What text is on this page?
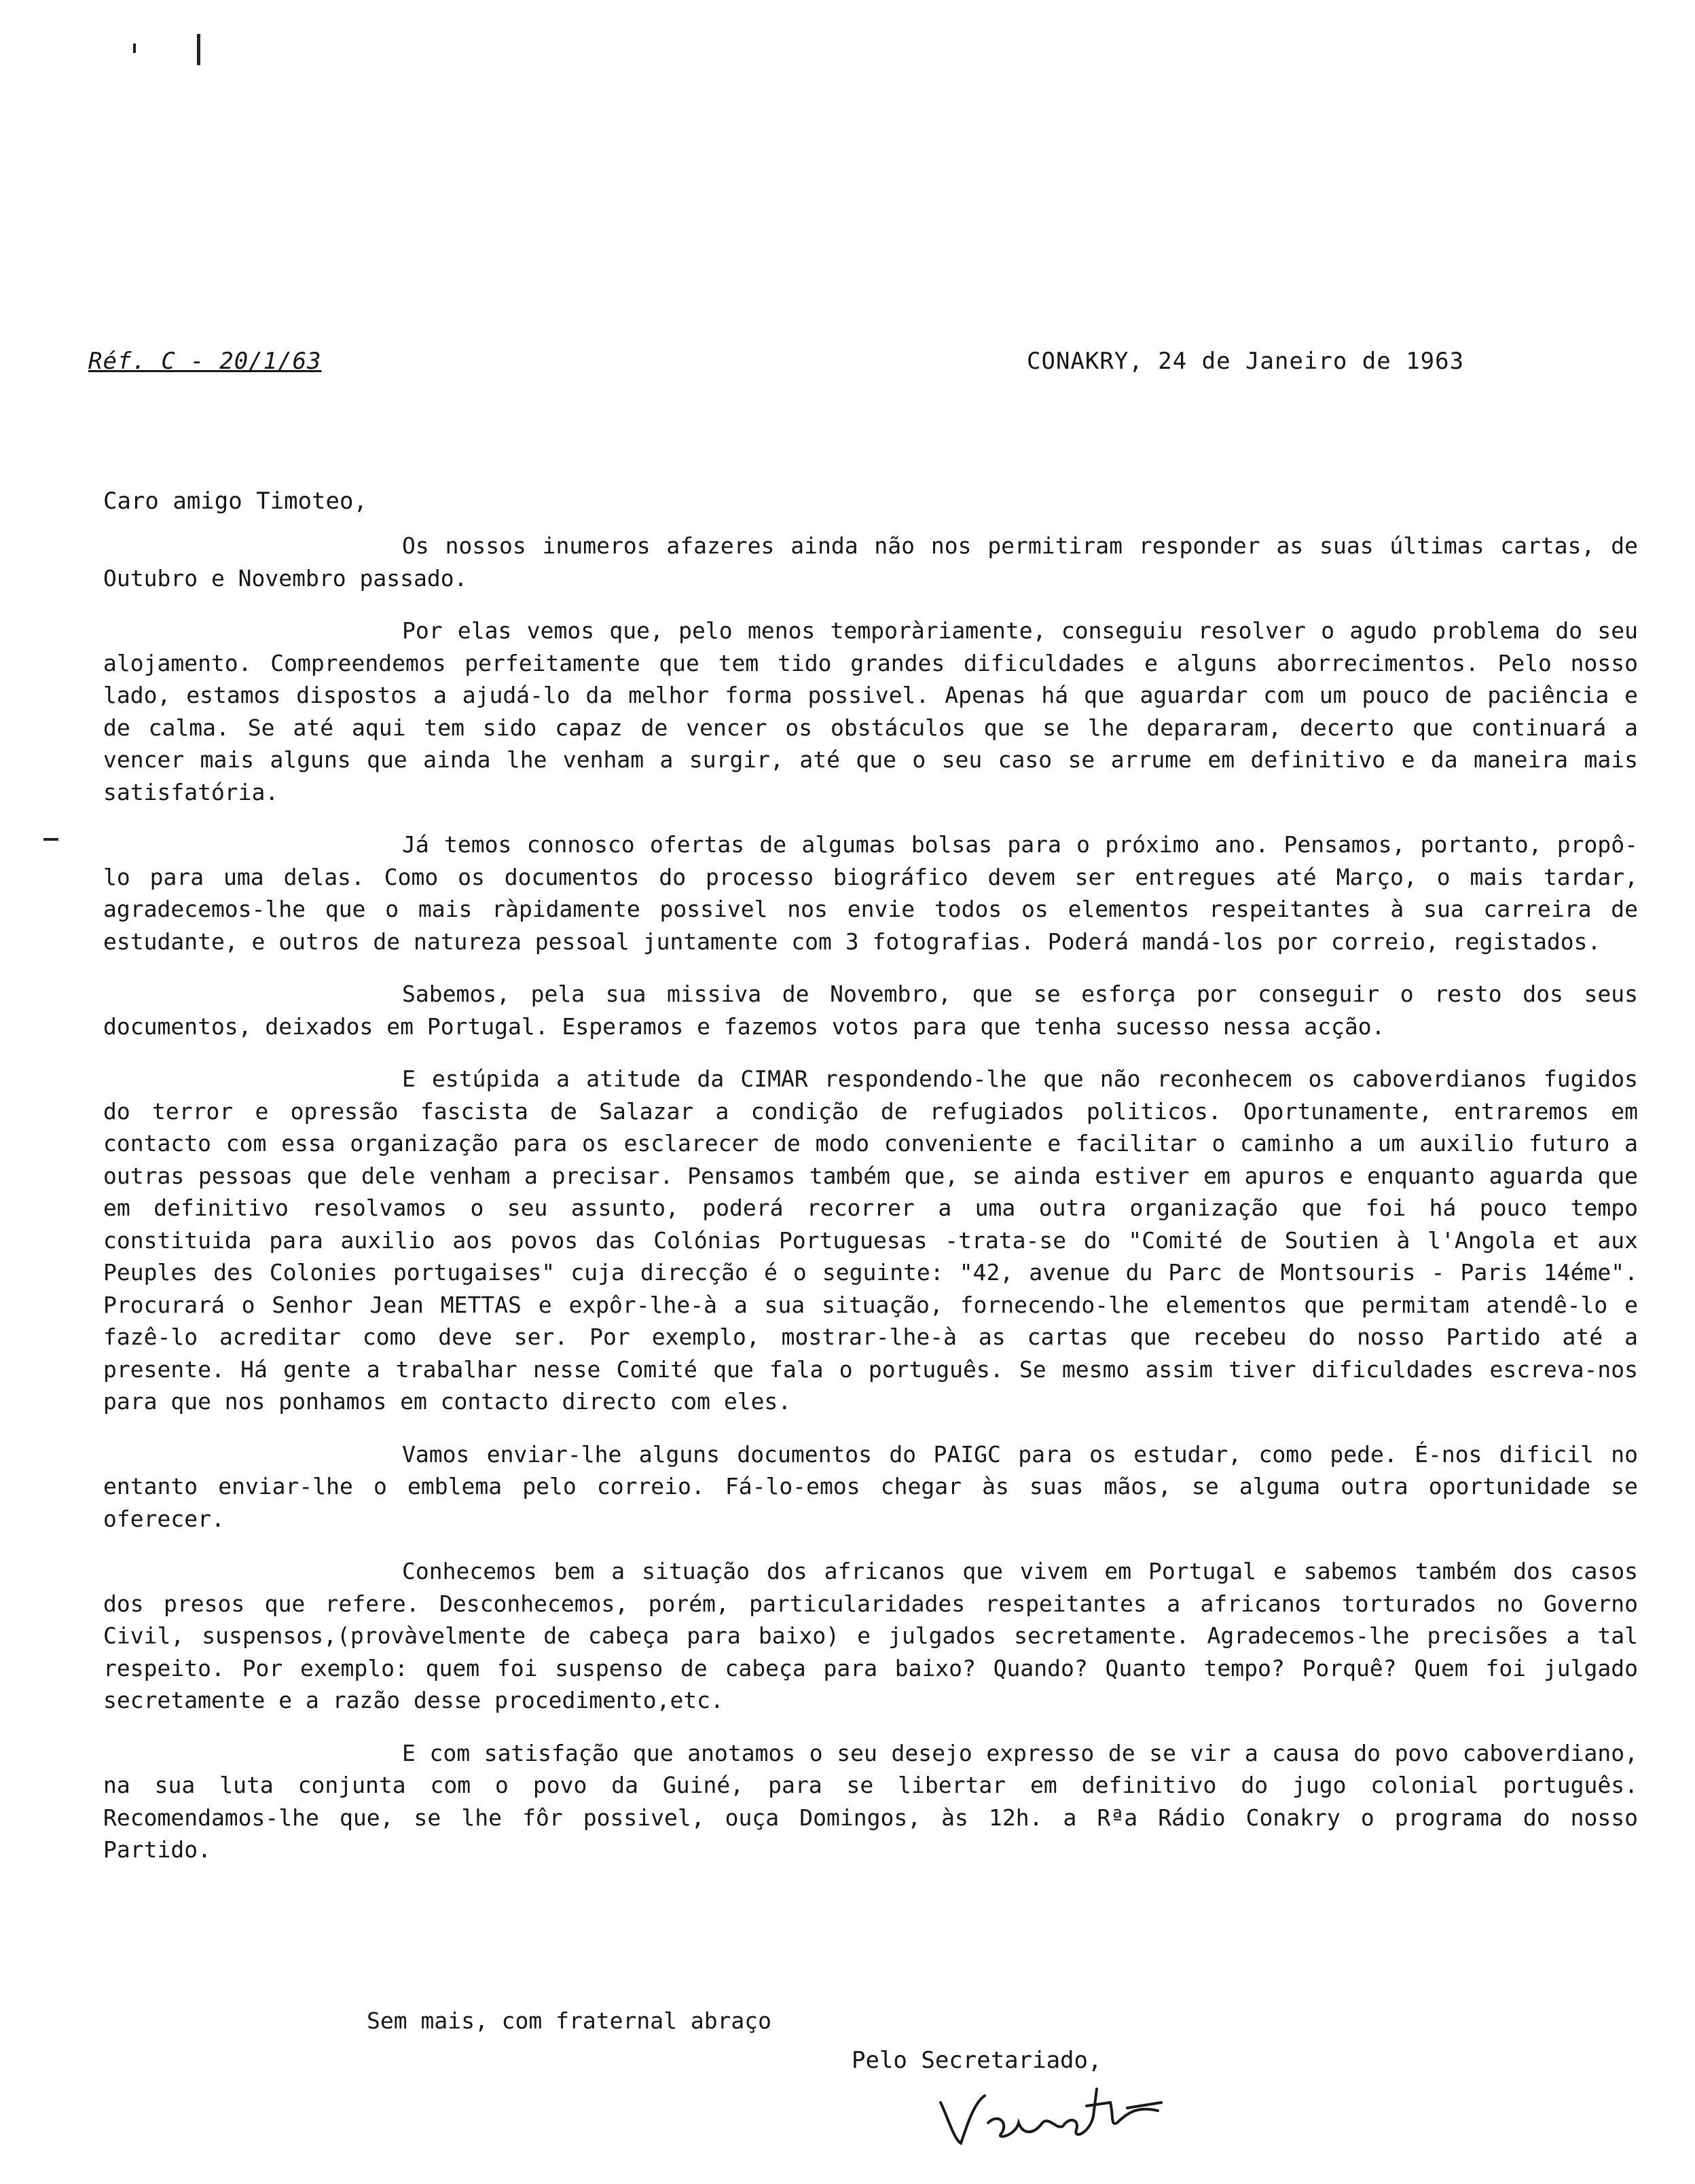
Réf. C - 20/1/63	CONAKRY, 24 de Janeiro de 1963
Caro amigo Timoteo,

Os nossos inumeros afazeres ainda não nos permitiram responder as suas últimas cartas, de Outubro e Novembro passado.

Por elas vemos que, pelo menos temporàriamente, conseguiu resolver o agudo problema do seu alojamento. Compreendemos perfeitamente que tem tido grandes dificuldades e alguns aborrecimentos. Pelo nosso lado, estamos dispostos a ajudá-lo da melhor forma possivel. Apenas há que aguardar com um pouco de paciência e de calma. Se até aqui tem sido capaz de vencer os obstáculos que se lhe depararam, decerto que continuará a vencer mais alguns que ainda lhe venham a surgir, até que o seu caso se arrume em definitivo e da maneira mais satisfatória.

Já temos connosco ofertas de algumas bolsas para o próximo ano. Pensamos, portanto, propô-lo para uma delas. Como os documentos do processo biográfico devem ser entregues até Março, o mais tardar, agradecemos-lhe que o mais ràpidamente possivel nos envie todos os elementos respeitantes à sua carreira de estudante, e outros de natureza pessoal juntamente com 3 fotografias. Poderá mandá-los por correio, registados.

Sabemos, pela sua missiva de Novembro, que se esforça por conseguir o resto dos seus documentos, deixados em Portugal. Esperamos e fazemos votos para que tenha sucesso nessa acção.

E estúpida a atitude da CIMAR respondendo-lhe que não reconhecem os caboverdianos fugidos do terror e opressão fascista de Salazar a condição de refugiados politicos. Oportunamente, entraremos em contacto com essa organização para os esclarecer de modo conveniente e facilitar o caminho a um auxilio futuro a outras pessoas que dele venham a precisar. Pensamos também que, se ainda estiver em apuros e enquanto aguarda que em definitivo resolvamos o seu assunto, poderá recorrer a uma outra organização que foi há pouco tempo constituida para auxilio aos povos das Colónias Portuguesas -trata-se do "Comité de Soutien à l'Angola et aux Peuples des Colonies portugaises" cuja direcção é o seguinte: "42, avenue du Parc de Montsouris - Paris 14éme". Procurará o Senhor Jean METTAS e expôr-lhe-à a sua situação, fornecendo-lhe elementos que permitam atendê-lo e fazê-lo acreditar como deve ser. Por exemplo, mostrar-lhe-à as cartas que recebeu do nosso Partido até a presente. Há gente a trabalhar nesse Comité que fala o português. Se mesmo assim tiver dificuldades escreva-nos para que nos ponhamos em contacto directo com eles.

Vamos enviar-lhe alguns documentos do PAIGC para os estudar, como pede. É-nos dificil no entanto enviar-lhe o emblema pelo correio. Fá-lo-emos chegar às suas mãos, se alguma outra oportunidade se oferecer.

Conhecemos bem a situação dos africanos que vivem em Portugal e sabemos também dos casos dos presos que refere. Desconhecemos, porém, particularidades respeitantes a africanos torturados no Governo Civil, suspensos,(provàvelmente de cabeça para baixo) e julgados secretamente. Agradecemos-lhe precisões a tal respeito. Por exemplo: quem foi suspenso de cabeça para baixo? Quando? Quanto tempo? Porquê? Quem foi julgado secretamente e a razão desse procedimento,etc.

E com satisfação que anotamos o seu desejo expresso de se vir a causa do povo caboverdiano, na sua luta conjunta com o povo da Guiné, para se libertar em definitivo do jugo colonial português. Recomendamos-lhe que, se lhe fôr possivel, ouça Domingos, às 12h. a Rªa Rádio Conakry o programa do nosso Partido.

Sem mais, com fraternal abraço
Pelo Secretariado,
